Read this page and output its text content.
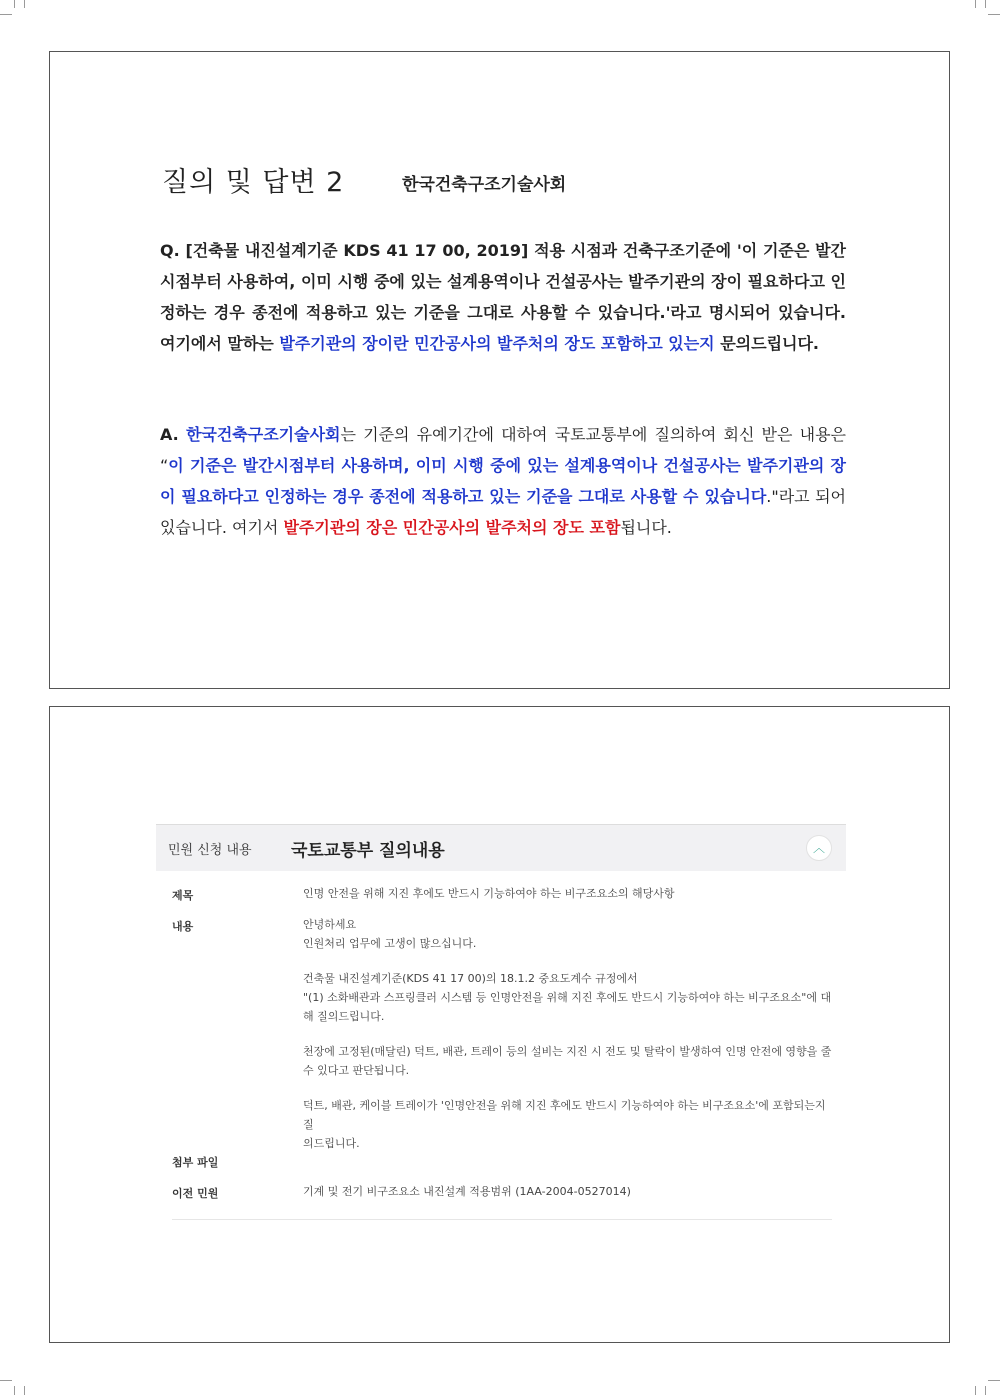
질의 및 답변 2	한국건축구조기술사회
Q. [건축물 내진설계기준 KDS 41 17 00, 2019] 적용 시점과 건축구조기준에 '이 기준은 발간 시점부터 사용하여, 이미 시행 중에 있는 설계용역이나 건설공사는 발주기관의 장이 필요하다고 인정하는 경우 종전에 적용하고 있는 기준을 그대로 사용할 수 있습니다.'라고 명시되어 있습니다. 여기에서 말하는 발주기관의 장이란 민간공사의 발주처의 장도 포함하고 있는지 문의드립니다.
A. 한국건축구조기술사회는 기준의 유예기간에 대하여 국토교통부에 질의하여 회신 받은 내용은 “이 기준은 발간시점부터 사용하며, 이미 시행 중에 있는 설계용역이나 건설공사는 발주기관의 장이 필요하다고 인정하는 경우 종전에 적용하고 있는 기준을 그대로 사용할 수 있습니다."라고 되어 있습니다. 여기서 발주기관의 장은 민간공사의 발주처의 장도 포함됩니다.
민원 신청 내용 국토교통부 질의내용	︿
제목	인명 안전을 위해 지진 후에도 반드시 기능하여야 하는 비구조요소의 해당사항
내용	안녕하세요
인원처리 업무에 고생이 많으십니다.
건축물 내진설계기준(KDS 41 17 00)의 18.1.2 중요도계수 규정에서
"(1) 소화배관과 스프링클러 시스템 등 인명안전을 위해 지진 후에도 반드시 기능하여야 하는 비구조요소"에 대
해 질의드립니다.
천장에 고정된(매달린) 덕트, 배관, 트레이 등의 설비는 지진 시 전도 및 탈락이 발생하여 인명 안전에 영향을 줄
수 있다고 판단됩니다.
덕트, 배관, 케이블 트레이가 '인명안전을 위해 지진 후에도 반드시 기능하여야 하는 비구조요소'에 포함되는지 질
의드립니다.
첨부 파일
이전 민원	기계 및 전기 비구조요소 내진설계 적용범위 (1AA-2004-0527014)
